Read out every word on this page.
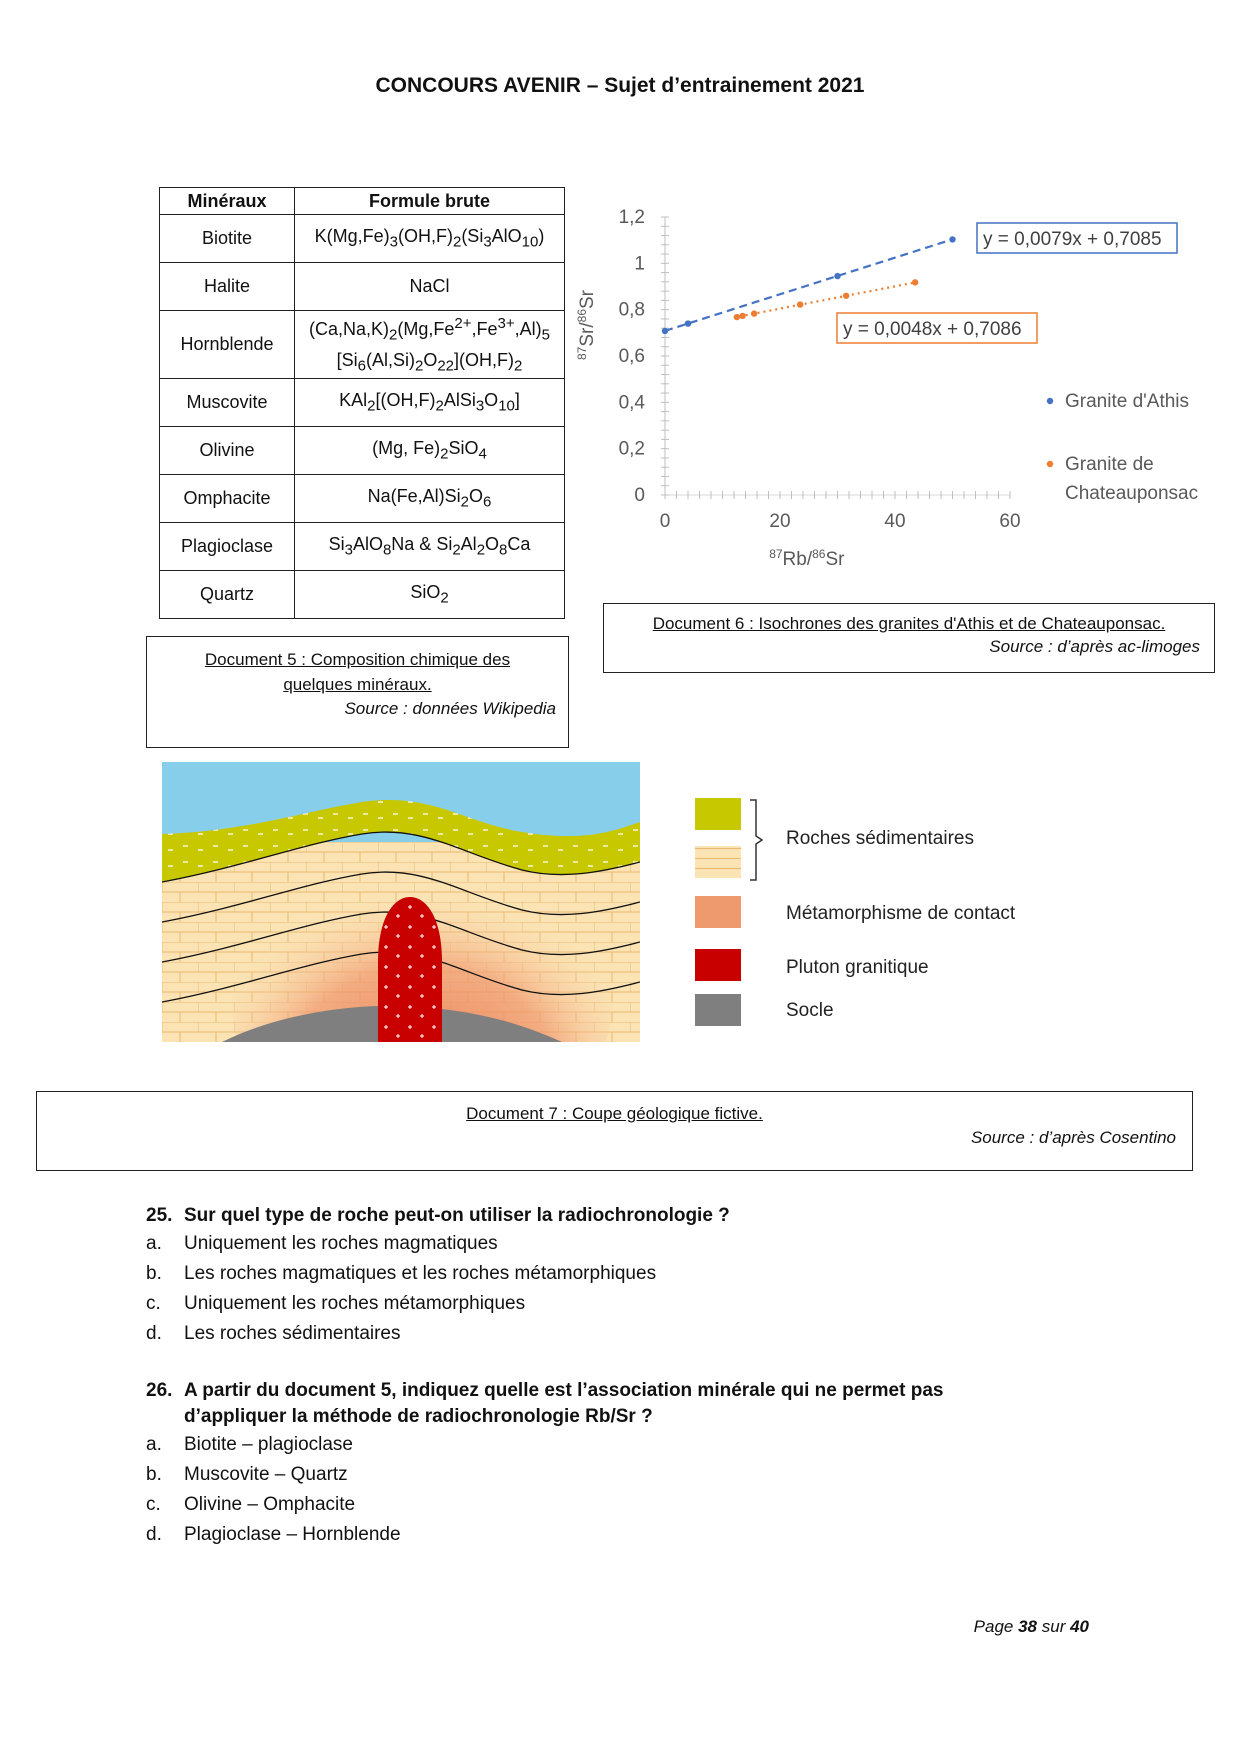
CONCOURS AVENIR – Sujet d’entrainement 2021
Minéraux	Formule brute
Biotite	$K(Mg,Fe)_3(OH,F)_2(Si_3AlO_{10})$
Halite	NaCl
Hornblende	$(Ca,Na,K)_2(Mg,Fe^{2+},Fe^{3+},Al)_5$
$[Si_6(Al,Si)_2O_{22}](OH,F)_2$
Muscovite	$KAl_2[(OH,F)_2AlSi_3O_{10}]$
Olivine	(Mg, $Fe)_2SiO_4$
Omphacite	$Na(Fe,Al)Si_2O_6$
Plagioclase	$Si_3AlO_8Na$ & $Si_2Al_2O_8Ca$
Quartz	SiO$_2$
Document 5 : Composition chimique des quelques minéraux.
Source : données Wikipedia
0
0,2
0,4
0,6
0,8
1
1,2
0	20	40	60
$^{87}$Rb/$^{86}$Sr
$^{87}$Sr/$^{86}$Sr
y = 0,0079x + 0,7085
y = 0,0048x + 0,7086
Granite d'Athis
Granite de
Chateauponsac
Document 6 : Isochrones des granites d'Athis et de Chateauponsac.
Source : d’après ac-limoges
Roches sédimentaires
Métamorphisme de contact
Pluton granitique
Socle
Document 7 : Coupe géologique fictive.
Source : d’après Cosentino
25. Sur quel type de roche peut-on utiliser la radiochronologie ?
a. Uniquement les roches magmatiques
b. Les roches magmatiques et les roches métamorphiques
c. Uniquement les roches métamorphiques
d. Les roches sédimentaires
26. A partir du document 5, indiquez quelle est l’association minérale qui ne permet pas
d’appliquer la méthode de radiochronologie Rb/Sr ?
a. Biotite – plagioclase
b. Muscovite – Quartz
c. Olivine – Omphacite
d. Plagioclase – Hornblende
Page 38 sur 40
